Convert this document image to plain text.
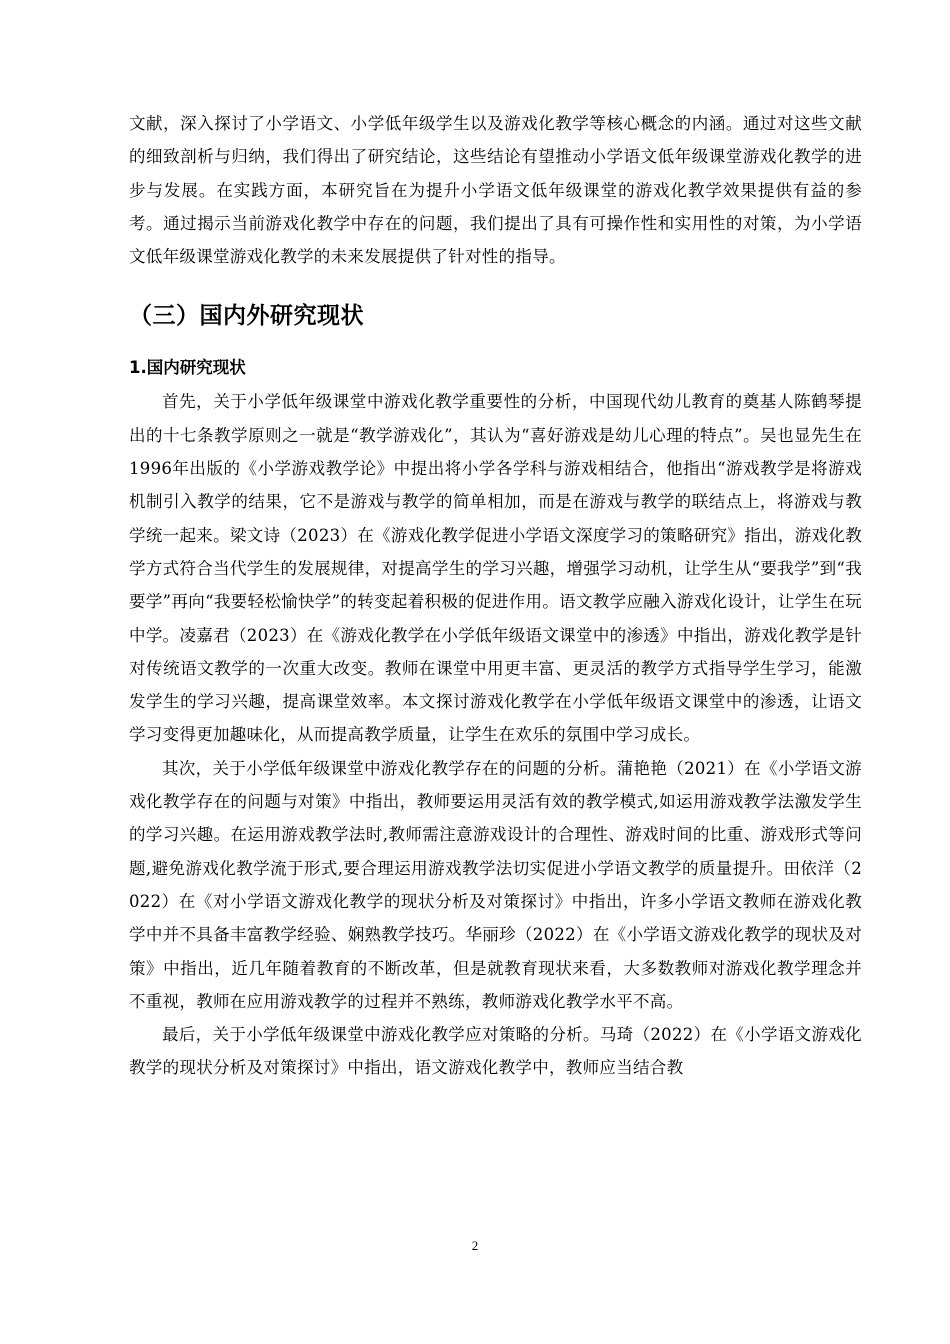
文献，深入探讨了小学语文、小学低年级学生以及游戏化教学等核心概念的内涵。通过对这些文献的细致剖析与归纳，我们得出了研究结论，这些结论有望推动小学语文低年级课堂游戏化教学的进步与发展。在实践方面，本研究旨在为提升小学语文低年级课堂的游戏化教学效果提供有益的参考。通过揭示当前游戏化教学中存在的问题，我们提出了具有可操作性和实用性的对策，为小学语文低年级课堂游戏化教学的未来发展提供了针对性的指导。

（三）国内外研究现状
1.国内研究现状

首先，关于小学低年级课堂中游戏化教学重要性的分析，中国现代幼儿教育的奠基人陈鹤琴提出的十七条教学原则之一就是“教学游戏化”，其认为“喜好游戏是幼儿心理的特点”。吴也显先生在1996年出版的《小学游戏教学论》中提出将小学各学科与游戏相结合，他指出“游戏教学是将游戏机制引入教学的结果，它不是游戏与教学的简单相加，而是在游戏与教学的联结点上，将游戏与教学统一起来。梁文诗（2023）在《游戏化教学促进小学语文深度学习的策略研究》指出，游戏化教学方式符合当代学生的发展规律，对提高学生的学习兴趣，增强学习动机，让学生从“要我学”到“我要学”再向“我要轻松愉快学”的转变起着积极的促进作用。语文教学应融入游戏化设计，让学生在玩中学。凌嘉君（2023）在《游戏化教学在小学低年级语文课堂中的渗透》中指出，游戏化教学是针对传统语文教学的一次重大改变。教师在课堂中用更丰富、更灵活的教学方式指导学生学习，能激发学生的学习兴趣，提高课堂效率。本文探讨游戏化教学在小学低年级语文课堂中的渗透，让语文学习变得更加趣味化，从而提高教学质量，让学生在欢乐的氛围中学习成长。

其次，关于小学低年级课堂中游戏化教学存在的问题的分析。蒲艳艳（2021）在《小学语文游戏化教学存在的问题与对策》中指出，教师要运用灵活有效的教学模式,如运用游戏教学法激发学生的学习兴趣。在运用游戏教学法时,教师需注意游戏设计的合理性、游戏时间的比重、游戏形式等问题,避免游戏化教学流于形式,要合理运用游戏教学法切实促进小学语文教学的质量提升。田依洋（2022）在《对小学语文游戏化教学的现状分析及对策探讨》中指出，许多小学语文教师在游戏化教学中并不具备丰富教学经验、娴熟教学技巧。华丽珍（2022）在《小学语文游戏化教学的现状及对策》中指出，近几年随着教育的不断改革，但是就教育现状来看，大多数教师对游戏化教学理念并不重视，教师在应用游戏教学的过程并不熟练，教师游戏化教学水平不高。

最后，关于小学低年级课堂中游戏化教学应对策略的分析。马琦（2022）在《小学语文游戏化教学的现状分析及对策探讨》中指出，语文游戏化教学中，教师应当结合教

2
